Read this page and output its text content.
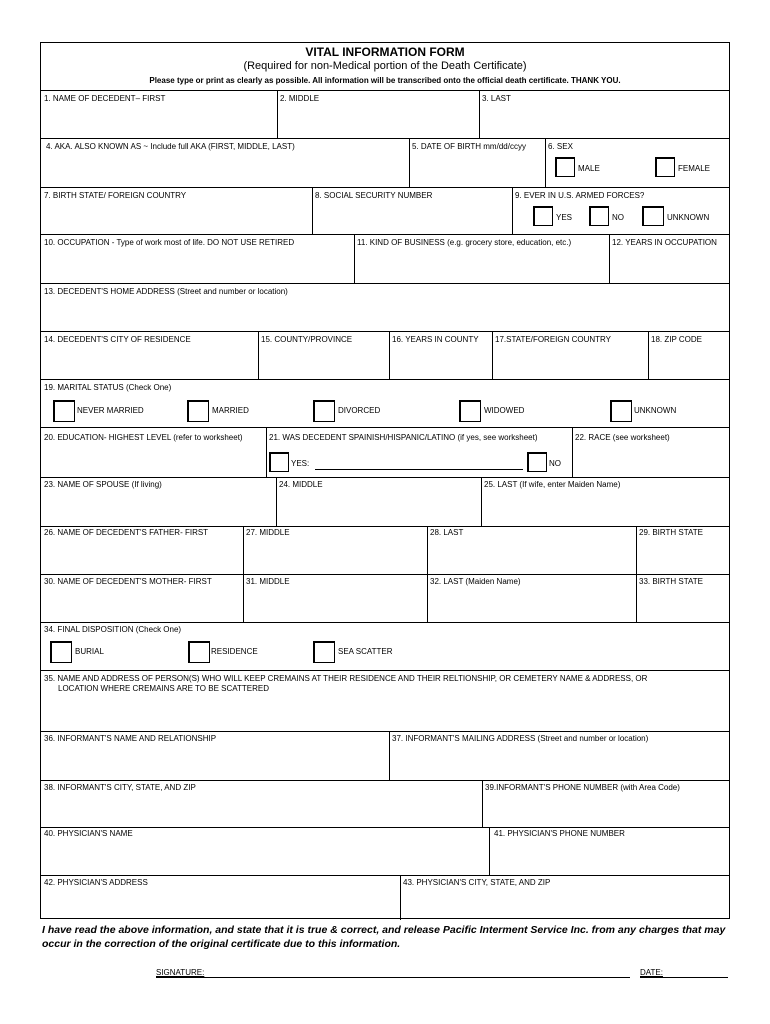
VITAL INFORMATION FORM
(Required for non-Medical portion of the Death Certificate)
Please type or print as clearly as possible. All information will be transcribed onto the official death certificate. THANK YOU.
1. NAME OF DECEDENT– FIRST	2. MIDDLE	3. LAST
4. AKA. ALSO KNOWN AS ~ Include full AKA (FIRST, MIDDLE, LAST)	5. DATE OF BIRTH mm/dd/ccyy	6. SEX
7. BIRTH STATE/ FOREIGN COUNTRY	8. SOCIAL SECURITY NUMBER	9. EVER IN U.S. ARMED FORCES?
10. OCCUPATION - Type of work most of life. DO NOT USE RETIRED	11. KIND OF BUSINESS (e.g. grocery store, education, etc.)	12. YEARS IN OCCUPATION
13. DECEDENT'S HOME ADDRESS (Street and number or location)
14. DECEDENT'S CITY OF RESIDENCE	15. COUNTY/PROVINCE	16. YEARS IN COUNTY 17.STATE/FOREIGN COUNTRY	18. ZIP CODE
19. MARITAL STATUS (Check One)
20. EDUCATION- HIGHEST LEVEL (refer to worksheet)	21. WAS DECEDENT SPAINISH/HISPANIC/LATINO (if yes, see worksheet)	22. RACE (see worksheet)
23. NAME OF SPOUSE (If living)	24. MIDDLE	25. LAST (If wife, enter Maiden Name)
26. NAME OF DECEDENT'S FATHER- FIRST	27. MIDDLE	28. LAST	29. BIRTH STATE
30. NAME OF DECEDENT'S MOTHER- FIRST	31. MIDDLE	32. LAST (Maiden Name)	33. BIRTH STATE
34. FINAL DISPOSITION (Check One)
35. NAME AND ADDRESS OF PERSON(S) WHO WILL KEEP CREMAINS AT THEIR RESIDENCE AND THEIR RELTIONSHIP, OR CEMETERY NAME & ADDRESS, OR
LOCATION WHERE CREMAINS ARE TO BE SCATTERED
36. INFORMANT'S NAME AND RELATIONSHIP	37. INFORMANT'S MAILING ADDRESS (Street and number or location)
38. INFORMANT'S CITY, STATE, AND ZIP	39.INFORMANT'S PHONE NUMBER (with Area Code)
40. PHYSICIAN'S NAME	41. PHYSICIAN'S PHONE NUMBER
42. PHYSICIAN'S ADDRESS	43. PHYSICIAN'S CITY, STATE, AND ZIP
MALE	FEMALE
YES	NO	UNKNOWN
NEVER MARRIED	MARRIED	DIVORCED	WIDOWED	UNKNOWN
YES:	NO
BURIAL	RESIDENCE	SEA SCATTER
I have read the above information, and state that it is true & correct, and release Pacific Interment Service Inc. from any charges that may occur in the correction of the original certificate due to this information.
SIGNATURE:	DATE:
